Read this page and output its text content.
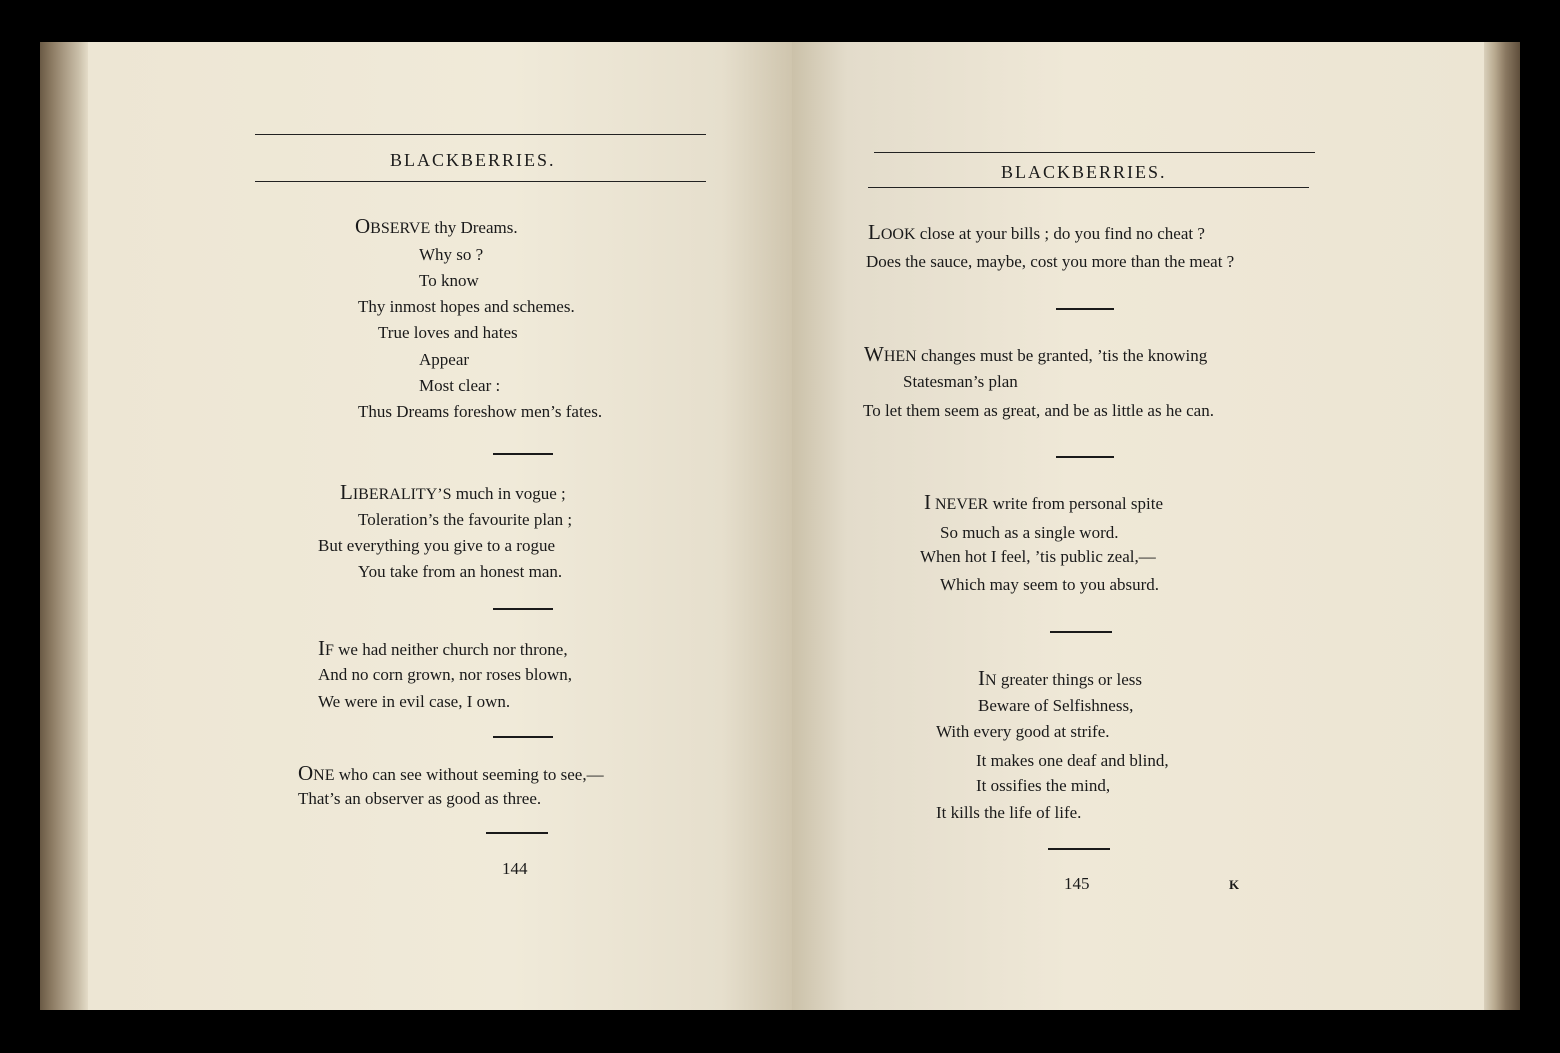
BLACKBERRIES.
OBSERVE thy Dreams.
Why so ?
To know
Thy inmost hopes and schemes.
True loves and hates
Appear
Most clear :
Thus Dreams foreshow men’s fates.
LIBERALITY’S much in vogue ;
Toleration’s the favourite plan ;
But everything you give to a rogue
You take from an honest man.
IF we had neither church nor throne,
And no corn grown, nor roses blown,
We were in evil case, I own.
ONE who can see without seeming to see,—
That’s an observer as good as three.
144
BLACKBERRIES.
LOOK close at your bills ; do you find no cheat ?
Does the sauce, maybe, cost you more than the meat ?
WHEN changes must be granted, ’tis the knowing
Statesman’s plan
To let them seem as great, and be as little as he can.
I NEVER write from personal spite
So much as a single word.
When hot I feel, ’tis public zeal,—
Which may seem to you absurd.
IN greater things or less
Beware of Selfishness,
With every good at strife.
It makes one deaf and blind,
It ossifies the mind,
It kills the life of life.
145	K
